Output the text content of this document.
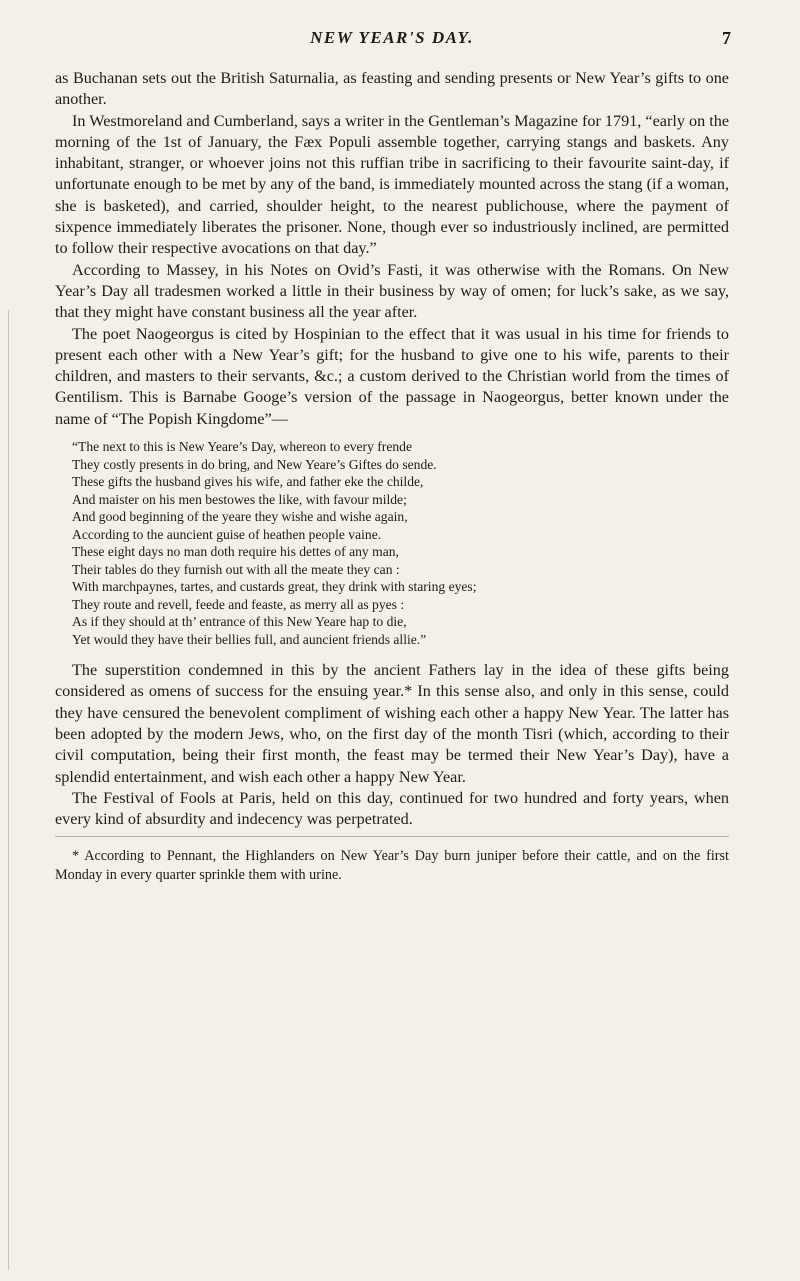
NEW YEAR'S DAY.	7

as Buchanan sets out the British Saturnalia, as feasting and sending presents or New Year’s gifts to one another.

In Westmoreland and Cumberland, says a writer in the Gentleman’s Magazine for 1791, “early on the morning of the 1st of January, the Fæx Populi assemble together, carrying stangs and baskets. Any inhabitant, stranger, or whoever joins not this ruffian tribe in sacrificing to their favourite saint-day, if unfortunate enough to be met by any of the band, is immediately mounted across the stang (if a woman, she is basketed), and carried, shoulder height, to the nearest publichouse, where the payment of sixpence immediately liberates the prisoner. None, though ever so industriously inclined, are permitted to follow their respective avocations on that day.”

According to Massey, in his Notes on Ovid’s Fasti, it was otherwise with the Romans. On New Year’s Day all tradesmen worked a little in their business by way of omen; for luck’s sake, as we say, that they might have constant business all the year after.

The poet Naogeorgus is cited by Hospinian to the effect that it was usual in his time for friends to present each other with a New Year’s gift; for the husband to give one to his wife, parents to their children, and masters to their servants, &c.; a custom derived to the Christian world from the times of Gentilism. This is Barnabe Googe’s version of the passage in Naogeorgus, better known under the name of “The Popish Kingdome”—

“The next to this is New Yeare’s Day, whereon to every frende
They costly presents in do bring, and New Yeare’s Giftes do sende.
These gifts the husband gives his wife, and father eke the childe,
And maister on his men bestowes the like, with favour milde;
And good beginning of the yeare they wishe and wishe again,
According to the auncient guise of heathen people vaine.
These eight days no man doth require his dettes of any man,
Their tables do they furnish out with all the meate they can :
With marchpaynes, tartes, and custards great, they drink with staring eyes;
They route and revell, feede and feaste, as merry all as pyes :
As if they should at th’ entrance of this New Yeare hap to die,
Yet would they have their bellies full, and auncient friends allie.”

The superstition condemned in this by the ancient Fathers lay in the idea of these gifts being considered as omens of success for the ensuing year.* In this sense also, and only in this sense, could they have censured the benevolent compliment of wishing each other a happy New Year. The latter has been adopted by the modern Jews, who, on the first day of the month Tisri (which, according to their civil computation, being their first month, the feast may be termed their New Year’s Day), have a splendid entertainment, and wish each other a happy New Year.

The Festival of Fools at Paris, held on this day, continued for two hundred and forty years, when every kind of absurdity and indecency was perpetrated.

* According to Pennant, the Highlanders on New Year’s Day burn juniper before their cattle, and on the first Monday in every quarter sprinkle them with urine.
